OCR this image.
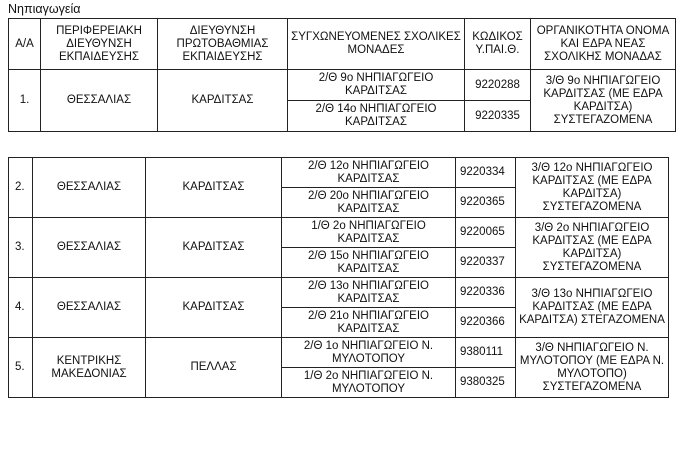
Νηπιαγωγεία
Α/Α	ΠΕΡΙΦΕΡΕΙΑΚΗ ΔΙΕΥΘΥΝΣΗ ΕΚΠΑΙΔΕΥΣΗΣ	ΔΙΕΥΘΥΝΣΗ ΠΡΩΤΟΒΑΘΜΙΑΣ ΕΚΠΑΙΔΕΥΣΗΣ	ΣΥΓΧΩΝΕΥΟΜΕΝΕΣ ΣΧΟΛΙΚΕΣ ΜΟΝΑΔΕΣ	ΚΩΔΙΚΟΣ Υ.ΠΑΙ.Θ.	ΟΡΓΑΝΙΚΟΤΗΤΑ ΟΝΟΜΑ ΚΑΙ ΕΔΡΑ ΝΕΑΣ ΣΧΟΛΙΚΗΣ ΜΟΝΑΔΑΣ
1.	ΘΕΣΣΑΛΙΑΣ	ΚΑΡΔΙΤΣΑΣ	2/Θ 9ο ΝΗΠΙΑΓΩΓΕΙΟ ΚΑΡΔΙΤΣΑΣ	9220288	3/Θ 9ο ΝΗΠΙΑΓΩΓΕΙΟ ΚΑΡΔΙΤΣΑΣ (ΜΕ ΕΔΡΑ ΚΑΡΔΙΤΣΑ) ΣΥΣΤΕΓΑΖΟΜΕΝΑ
			2/Θ 14ο ΝΗΠΙΑΓΩΓΕΙΟ ΚΑΡΔΙΤΣΑΣ	9220335	
2.	ΘΕΣΣΑΛΙΑΣ	ΚΑΡΔΙΤΣΑΣ	2/Θ 12ο ΝΗΠΙΑΓΩΓΕΙΟ ΚΑΡΔΙΤΣΑΣ	9220334	3/Θ 12ο ΝΗΠΙΑΓΩΓΕΙΟ ΚΑΡΔΙΤΣΑΣ (ΜΕ ΕΔΡΑ ΚΑΡΔΙΤΣΑ) ΣΥΣΤΕΓΑΖΟΜΕΝΑ
			2/Θ 20ο ΝΗΠΙΑΓΩΓΕΙΟ ΚΑΡΔΙΤΣΑΣ	9220365	
3.	ΘΕΣΣΑΛΙΑΣ	ΚΑΡΔΙΤΣΑΣ	1/Θ 2ο ΝΗΠΙΑΓΩΓΕΙΟ ΚΑΡΔΙΤΣΑΣ	9220065	3/Θ 2ο ΝΗΠΙΑΓΩΓΕΙΟ ΚΑΡΔΙΤΣΑΣ (ΜΕ ΕΔΡΑ ΚΑΡΔΙΤΣΑ) ΣΥΣΤΕΓΑΖΟΜΕΝΑ
			2/Θ 15ο ΝΗΠΙΑΓΩΓΕΙΟ ΚΑΡΔΙΤΣΑΣ	9220337	
4.	ΘΕΣΣΑΛΙΑΣ	ΚΑΡΔΙΤΣΑΣ	2/Θ 13ο ΝΗΠΙΑΓΩΓΕΙΟ ΚΑΡΔΙΤΣΑΣ	9220336	3/Θ 13ο ΝΗΠΙΑΓΩΓΕΙΟ ΚΑΡΔΙΤΣΑΣ (ΜΕ ΕΔΡΑ ΚΑΡΔΙΤΣΑ) ΣΤΕΓΑΖΟΜΕΝΑ
			2/Θ 21ο ΝΗΠΙΑΓΩΓΕΙΟ ΚΑΡΔΙΤΣΑΣ	9220366	
5.	ΚΕΝΤΡΙΚΗΣ ΜΑΚΕΔΟΝΙΑΣ	ΠΕΛΛΑΣ	2/Θ 1ο ΝΗΠΙΑΓΩΓΕΙΟ Ν. ΜΥΛΟΤΟΠΟΥ	9380111	3/Θ ΝΗΠΙΑΓΩΓΕΙΟ Ν. ΜΥΛΟΤΟΠΟΥ (ΜΕ ΕΔΡΑ Ν. ΜΥΛΟΤΟΠΟ) ΣΥΣΤΕΓΑΖΟΜΕΝΑ
			1/Θ 2ο ΝΗΠΙΑΓΩΓΕΙΟ Ν. ΜΥΛΟΤΟΠΟΥ	9380325	
